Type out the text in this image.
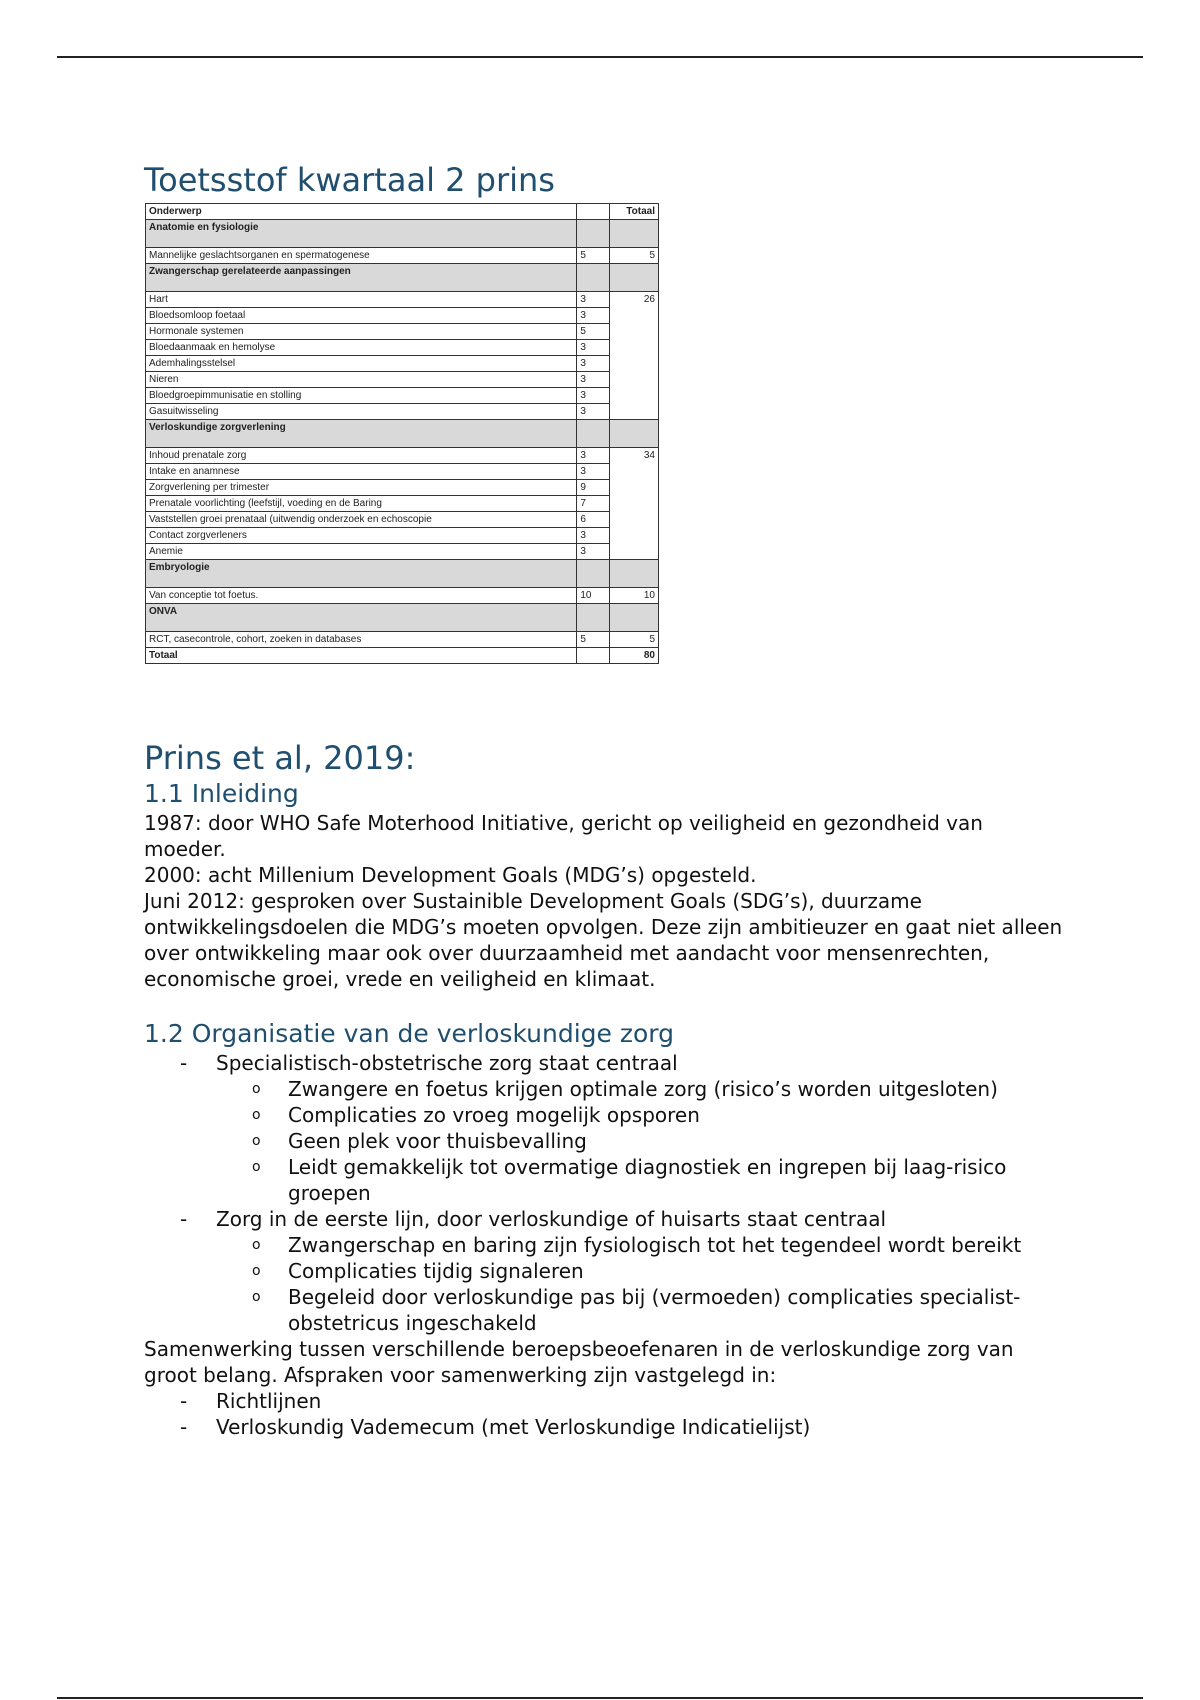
Toetsstof kwartaal 2 prins
Onderwerp		Totaal
Anatomie en fysiologie		
Mannelijke geslachtsorganen en spermatogenese	5	5
Zwangerschap gerelateerde aanpassingen		
Hart	3	26
Bloedsomloop foetaal	3	
Hormonale systemen	5	
Bloedaanmaak en hemolyse	3	
Ademhalingsstelsel	3	
Nieren	3	
Bloedgroepimmunisatie en stolling	3	
Gasuitwisseling	3	
Verloskundige zorgverlening		
Inhoud prenatale zorg	3	34
Intake en anamnese	3	
Zorgverlening per trimester	9	
Prenatale voorlichting (leefstijl, voeding en de Baring	7	
Vaststellen groei prenataal (uitwendig onderzoek en echoscopie	6	
Contact zorgverleners	3	
Anemie	3	
Embryologie		
Van conceptie tot foetus.	10	10
ONVA		
RCT, casecontrole, cohort, zoeken in databases	5	5
Totaal		80
Prins et al, 2019:
1.1 Inleiding

1987: door WHO Safe Moterhood Initiative, gericht op veiligheid en gezondheid van moeder.

2000: acht Millenium Development Goals (MDG’s) opgesteld.

Juni 2012: gesproken over Sustainible Development Goals (SDG’s), duurzame ontwikkelingsdoelen die MDG’s moeten opvolgen. Deze zijn ambitieuzer en gaat niet alleen over ontwikkeling maar ook over duurzaamheid met aandacht voor mensenrechten, economische groei, vrede en veiligheid en klimaat.

1.2 Organisatie van de verloskundige zorg
- Specialistisch-obstetrische zorg staat centraal
o Zwangere en foetus krijgen optimale zorg (risico’s worden uitgesloten)
o Complicaties zo vroeg mogelijk opsporen
o Geen plek voor thuisbevalling
o Leidt gemakkelijk tot overmatige diagnostiek en ingrepen bij laag-risico groepen
- Zorg in de eerste lijn, door verloskundige of huisarts staat centraal
o Zwangerschap en baring zijn fysiologisch tot het tegendeel wordt bereikt
o Complicaties tijdig signaleren
o Begeleid door verloskundige pas bij (vermoeden) complicaties specialist-obstetricus ingeschakeld

Samenwerking tussen verschillende beroepsbeoefenaren in de verloskundige zorg van groot belang. Afspraken voor samenwerking zijn vastgelegd in:

- Richtlijnen
- Verloskundig Vademecum (met Verloskundige Indicatielijst)
